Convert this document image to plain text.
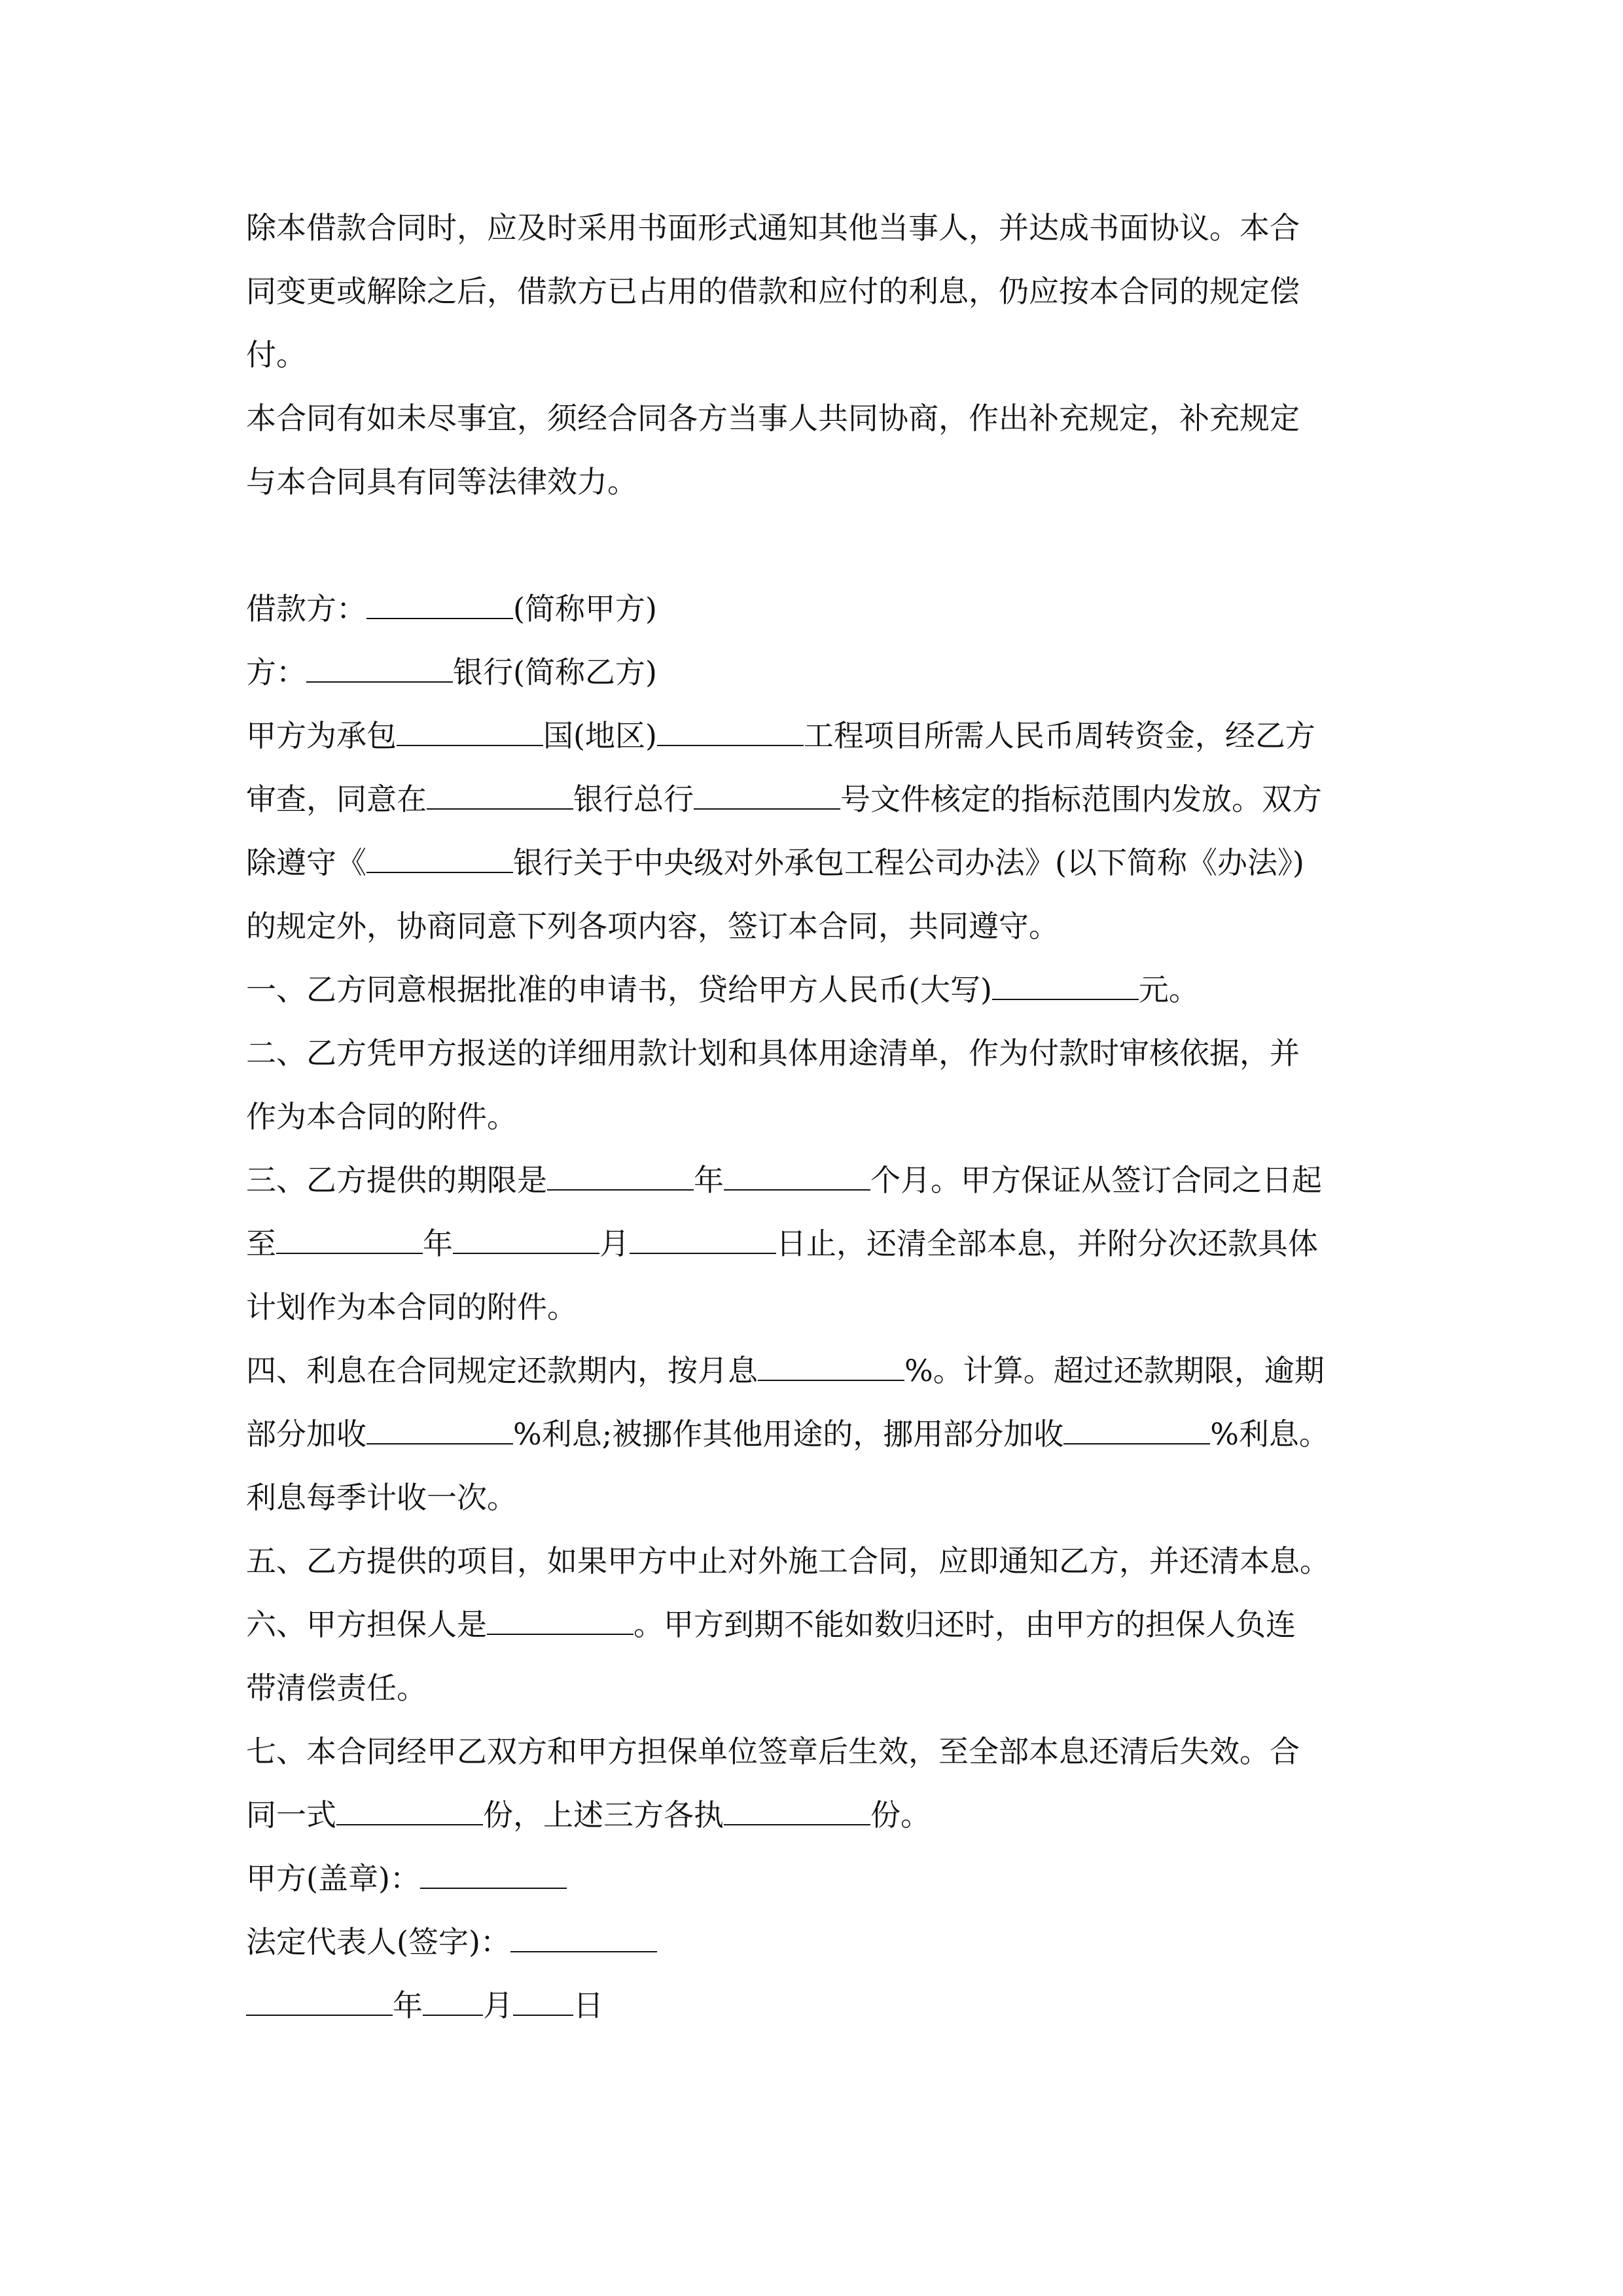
除本借款合同时，应及时采用书面形式通知其他当事人，并达成书面协议。本合
同变更或解除之后，借款方已占用的借款和应付的利息，仍应按本合同的规定偿
付。
本合同有如未尽事宜，须经合同各方当事人共同协商，作出补充规定，补充规定
与本合同具有同等法律效力。
借款方：	(简称甲方)
方：	银行(简称乙方)
甲方为承包	国(地区)	工程项目所需人民币周转资金，经乙方
审查，同意在	银行总行	号文件核定的指标范围内发放。双方
除遵守《	银行关于中央级对外承包工程公司办法》(以下简称《办法》)
的规定外，协商同意下列各项内容，签订本合同，共同遵守。
一、乙方同意根据批准的申请书，贷给甲方人民币(大写)	元。
二、乙方凭甲方报送的详细用款计划和具体用途清单，作为付款时审核依据，并
作为本合同的附件。
三、乙方提供的期限是	年	个月。甲方保证从签订合同之日起
至	年	月	日止，还清全部本息，并附分次还款具体
计划作为本合同的附件。
四、利息在合同规定还款期内，按月息	%。计算。超过还款期限，逾期
部分加收	%利息;被挪作其他用途的，挪用部分加收	%利息。
利息每季计收一次。
五、乙方提供的项目，如果甲方中止对外施工合同，应即通知乙方，并还清本息。
六、甲方担保人是	。甲方到期不能如数归还时，由甲方的担保人负连
带清偿责任。
七、本合同经甲乙双方和甲方担保单位签章后生效，至全部本息还清后失效。合
同一式	份，上述三方各执	份。
甲方(盖章)：
法定代表人(签字)：
年 月 日
